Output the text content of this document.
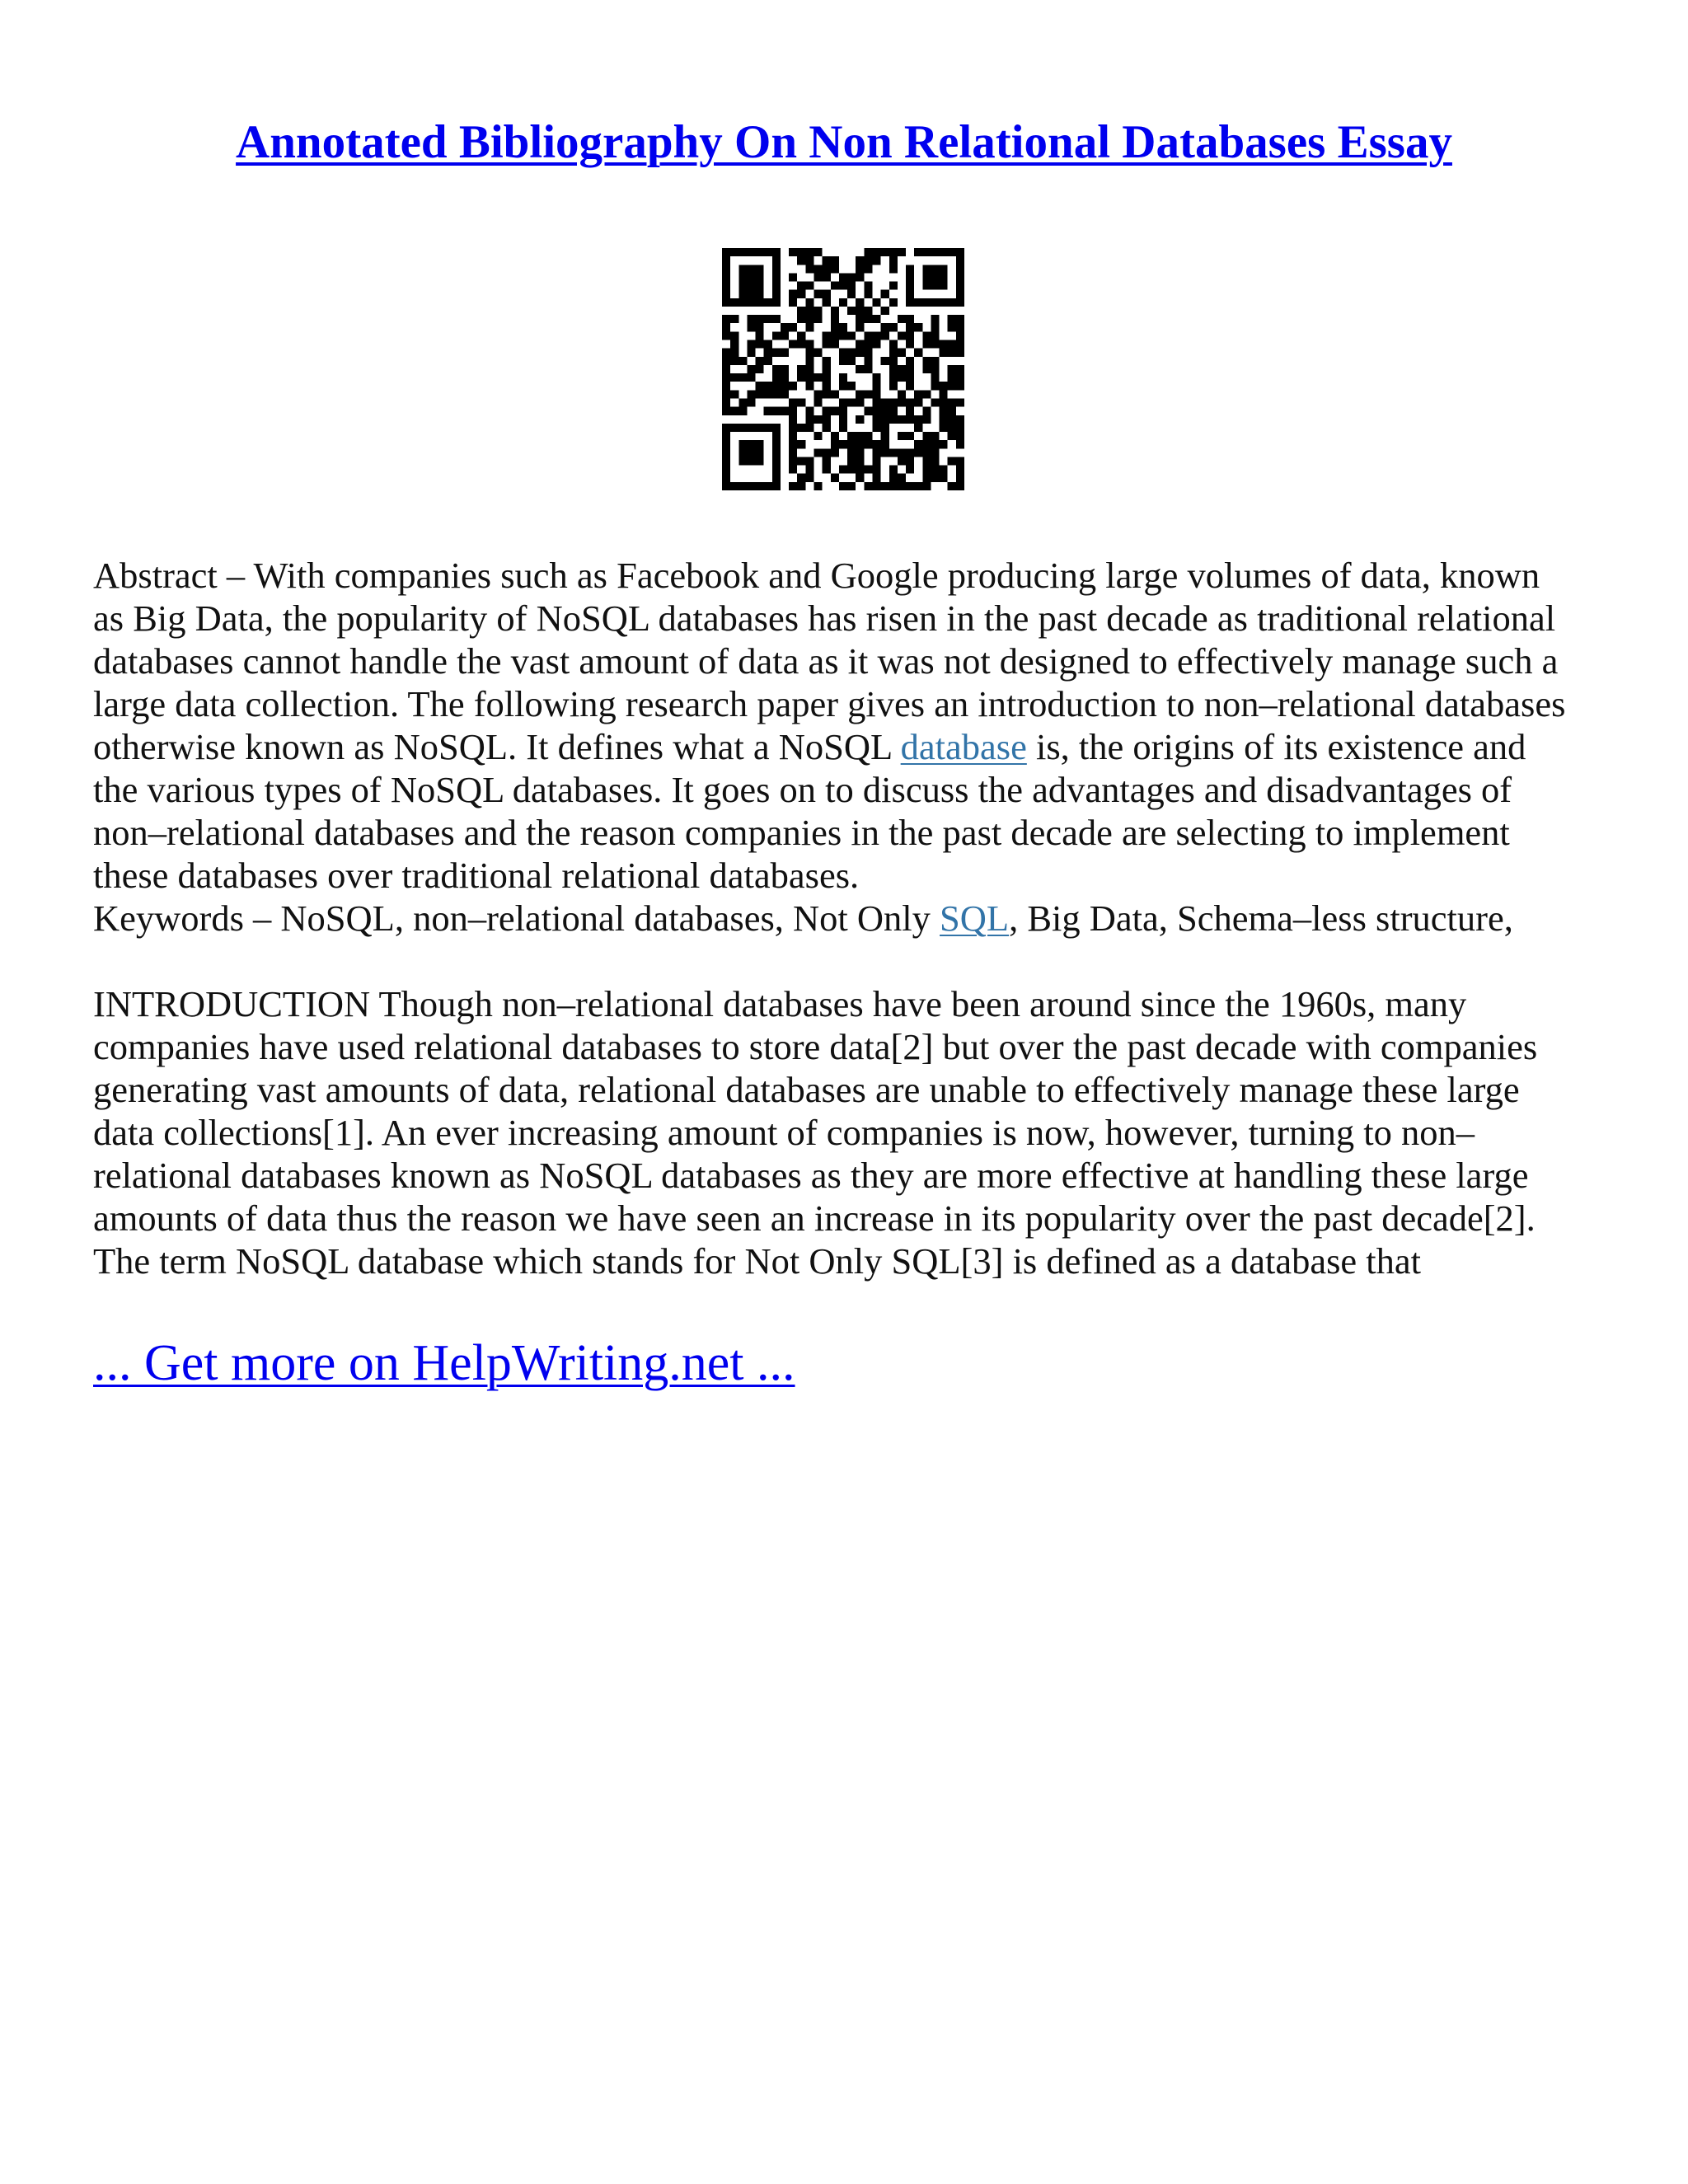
Annotated Bibliography On Non Relational Databases Essay

Abstract – With companies such as Facebook and Google producing large volumes of data, known
as Big Data, the popularity of NoSQL databases has risen in the past decade as traditional relational
databases cannot handle the vast amount of data as it was not designed to effectively manage such a
large data collection. The following research paper gives an introduction to non–relational databases
otherwise known as NoSQL. It defines what a NoSQL database is, the origins of its existence and
the various types of NoSQL databases. It goes on to discuss the advantages and disadvantages of
non–relational databases and the reason companies in the past decade are selecting to implement
these databases over traditional relational databases.
Keywords – NoSQL, non–relational databases, Not Only SQL, Big Data, Schema–less structure,

INTRODUCTION Though non–relational databases have been around since the 1960s, many
companies have used relational databases to store data[2] but over the past decade with companies
generating vast amounts of data, relational databases are unable to effectively manage these large
data collections[1]. An ever increasing amount of companies is now, however, turning to non–
relational databases known as NoSQL databases as they are more effective at handling these large
amounts of data thus the reason we have seen an increase in its popularity over the past decade[2].
The term NoSQL database which stands for Not Only SQL[3] is defined as a database that

... Get more on HelpWriting.net ...
